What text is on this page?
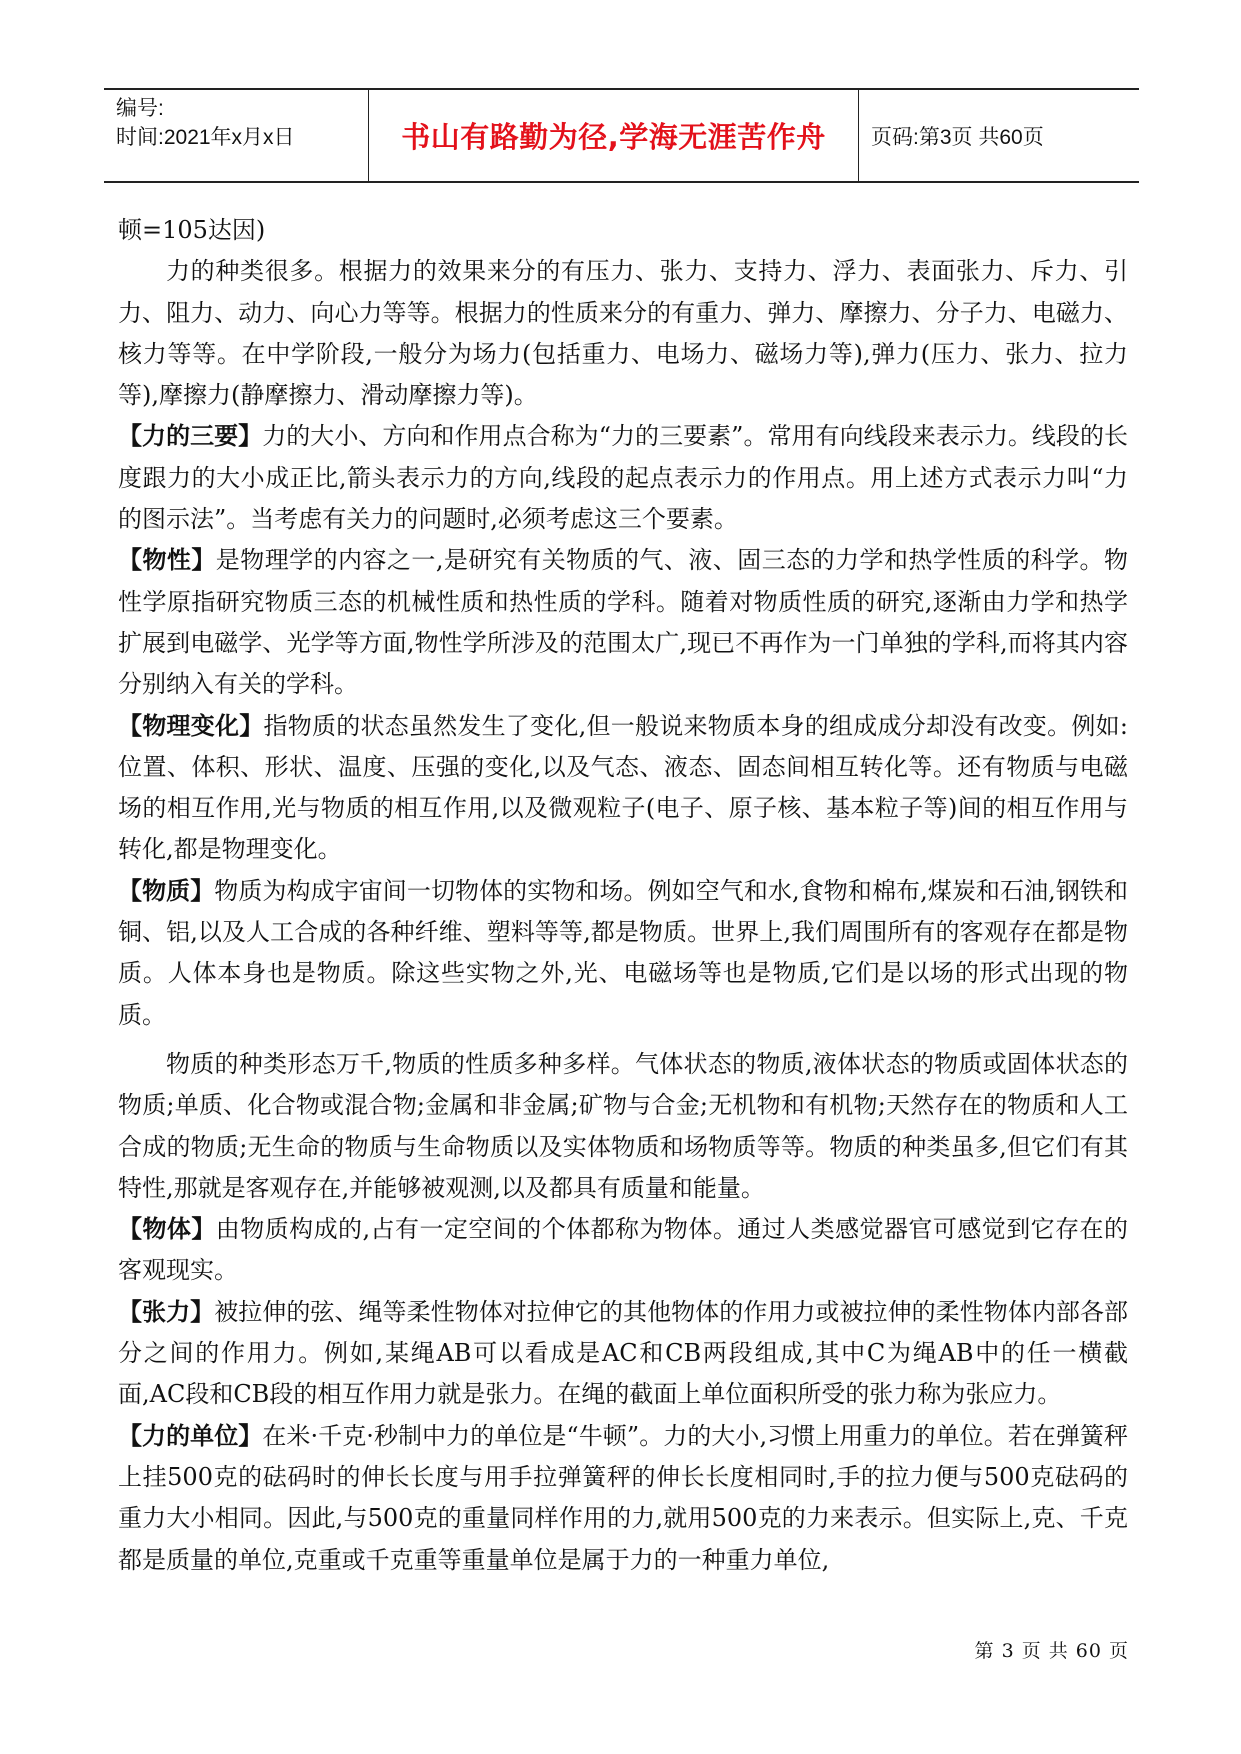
编号:
时间:2021年x月x日	书山有路勤为径,学海无涯苦作舟 页码:第3页 共60页

顿=105达因)

力的种类很多。根据力的效果来分的有压力、张力、支持力、浮力、表面张力、斥力、引力、阻力、动力、向心力等等。根据力的性质来分的有重力、弹力、摩擦力、分子力、电磁力、核力等等。在中学阶段,一般分为场力(包括重力、电场力、磁场力等),弹力(压力、张力、拉力等),摩擦力(静摩擦力、滑动摩擦力等)。

【力的三要】力的大小、方向和作用点合称为“力的三要素”。常用有向线段来表示力。线段的长度跟力的大小成正比,箭头表示力的方向,线段的起点表示力的作用点。用上述方式表示力叫“力的图示法”。当考虑有关力的问题时,必须考虑这三个要素。

【物性】是物理学的内容之一,是研究有关物质的气、液、固三态的力学和热学性质的科学。物性学原指研究物质三态的机械性质和热性质的学科。随着对物质性质的研究,逐渐由力学和热学扩展到电磁学、光学等方面,物性学所涉及的范围太广,现已不再作为一门单独的学科,而将其内容分别纳入有关的学科。

【物理变化】指物质的状态虽然发生了变化,但一般说来物质本身的组成成分却没有改变。例如:位置、体积、形状、温度、压强的变化,以及气态、液态、固态间相互转化等。还有物质与电磁场的相互作用,光与物质的相互作用,以及微观粒子(电子、原子核、基本粒子等)间的相互作用与转化,都是物理变化。

【物质】物质为构成宇宙间一切物体的实物和场。例如空气和水,食物和棉布,煤炭和石油,钢铁和铜、铝,以及人工合成的各种纤维、塑料等等,都是物质。世界上,我们周围所有的客观存在都是物质。人体本身也是物质。除这些实物之外,光、电磁场等也是物质,它们是以场的形式出现的物质。

物质的种类形态万千,物质的性质多种多样。气体状态的物质,液体状态的物质或固体状态的物质;单质、化合物或混合物;金属和非金属;矿物与合金;无机物和有机物;天然存在的物质和人工合成的物质;无生命的物质与生命物质以及实体物质和场物质等等。物质的种类虽多,但它们有其特性,那就是客观存在,并能够被观测,以及都具有质量和能量。

【物体】由物质构成的,占有一定空间的个体都称为物体。通过人类感觉器官可感觉到它存在的客观现实。

【张力】被拉伸的弦、绳等柔性物体对拉伸它的其他物体的作用力或被拉伸的柔性物体内部各部分之间的作用力。例如,某绳AB可以看成是AC和CB两段组成,其中C为绳AB中的任一横截面,AC段和CB段的相互作用力就是张力。在绳的截面上单位面积所受的张力称为张应力。

【力的单位】在米·千克·秒制中力的单位是“牛顿”。力的大小,习惯上用重力的单位。若在弹簧秤上挂500克的砝码时的伸长长度与用手拉弹簧秤的伸长长度相同时,手的拉力便与500克砝码的重力大小相同。因此,与500克的重量同样作用的力,就用500克的力来表示。但实际上,克、千克都是质量的单位,克重或千克重等重量单位是属于力的一种重力单位,

第 3 页 共 60 页
